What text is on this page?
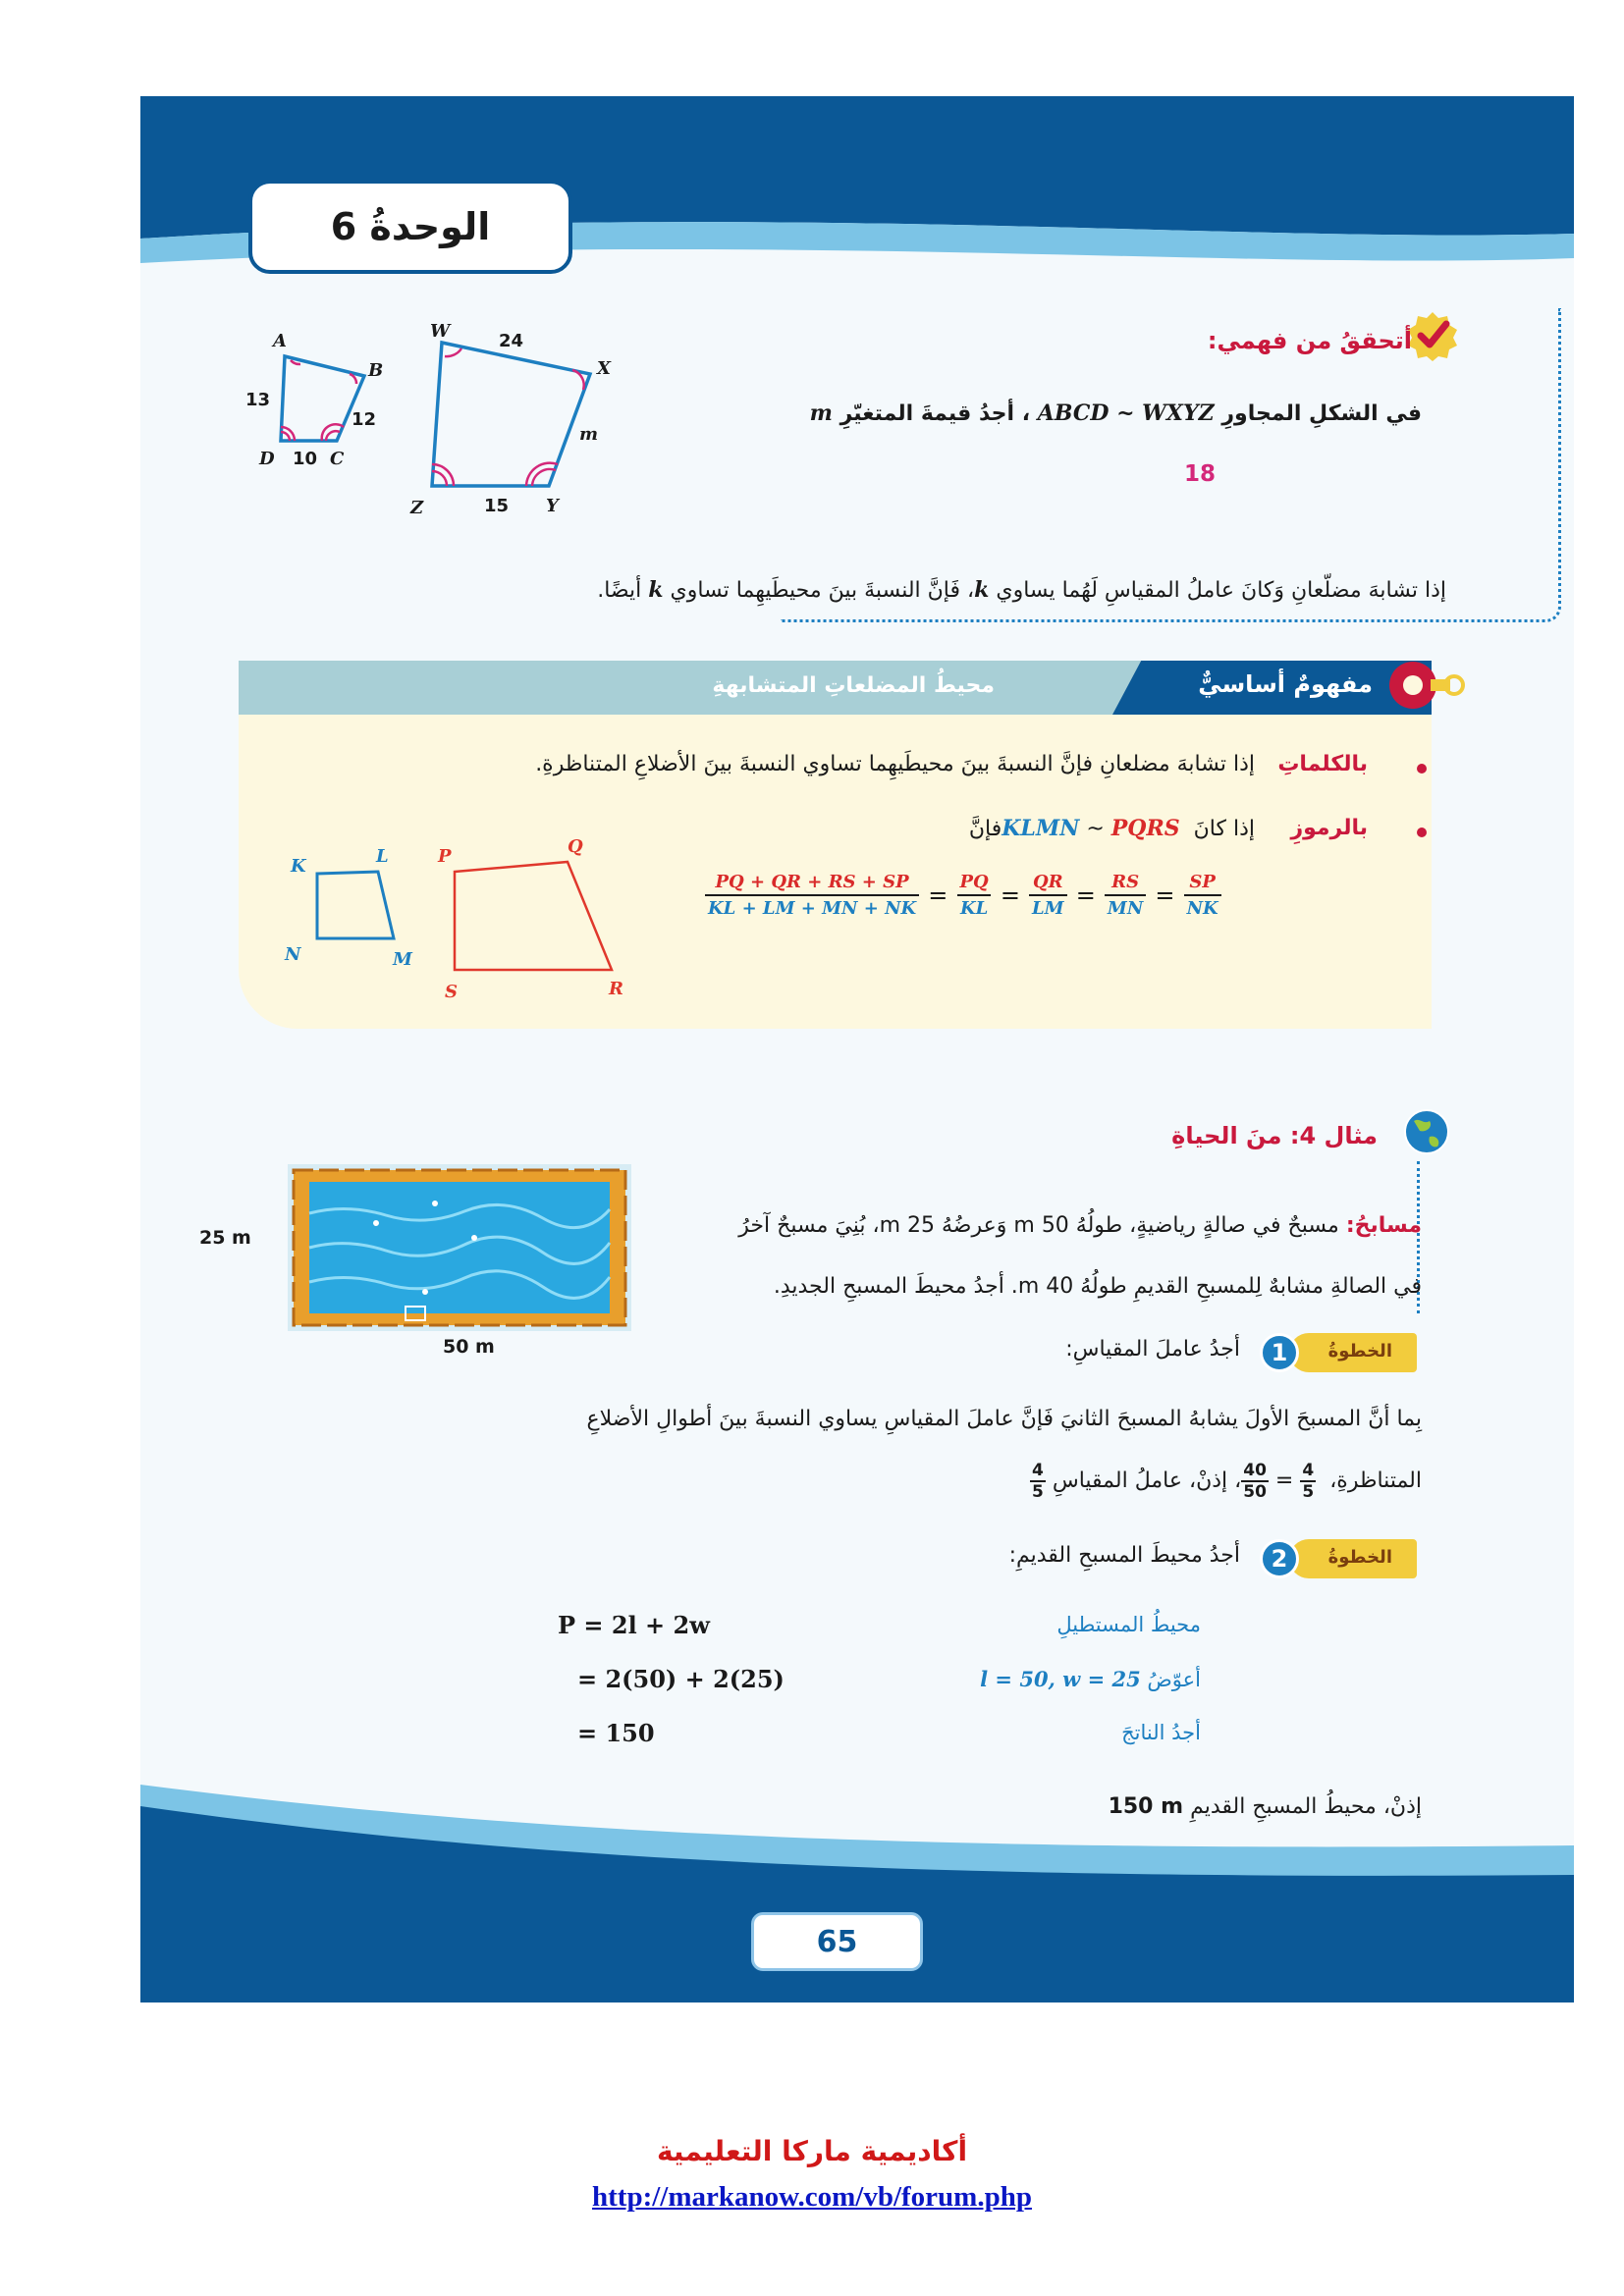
الوحدةُ 6
أتحققُ من فهمي:
في الشكلِ المجاورِ ABCD ~ WXYZ ، أجدُ قيمةَ المتغيّرِ m
18
A
B
C
D
13
12
10
W
X
Y
Z
24
m
15
إذا تشابهَ مضلّعانِ وَكانَ عاملُ المقياسِ لَهُما يساوي k، فَإنَّ النسبةَ بينَ محيطَيهِما تساوي k أيضًا.
مفهومٌ أساسيٌّ
محيطُ المضلعاتِ المتشابهةِ
بالكلماتِ
إذا تشابهَ مضلعانِ فإنَّ النسبةَ بينَ محيطَيهِما تساوي النسبةَ بينَ الأضلاعِ المتناظرةِ.
بالرموزِ
إذا كانَ KLMN ~ PQRS فإنَّ
$\frac{PQ + QR + RS + SP}{KL + LM + MN + NK} = \frac{PQ}{KL} = \frac{QR}{LM} = \frac{RS}{MN} = \frac{SP}{NK}$
K	L
M
N
P	Q
R
S
مثال 4: منَ الحياةِ
مسابحُ: مسبحٌ في صالةٍ رياضيةٍ، طولُهُ 50 m وَعرضُهُ 25 m، بُنِيَ مسبحٌ آخرُ
في الصالةِ مشابهٌ لِلمسبحِ القديمِ طولُهُ 40 m. أجدُ محيطَ المسبحِ الجديدِ.
25 m
50 m	الخطوةُ
1
أجدُ عاملَ المقياسِ:
بِما أنَّ المسبحَ الأولَ يشابهُ المسبحَ الثانيَ فَإنَّ عاملَ المقياسِ يساوي النسبةَ بينَ أطوالِ الأضلاعِ
المتناظرةِ،
$\frac{40}{50} = \frac{4}{5}$
، إذنْ، عاملُ المقياسِ
$\frac{4}{5}$
الخطوةُ
2
أجدُ محيطَ المسبحِ القديمِ:
P = 2l + 2w
= 2(50) + 2(25)
= 150
محيطُ المستطيلِ
أعوّضُ l = 50, w = 25
أجدُ الناتجَ
إذنْ، محيطُ المسبحِ القديمِ 150 m
65
أكاديمية ماركا التعليمية
http://markanow.com/vb/forum.php
